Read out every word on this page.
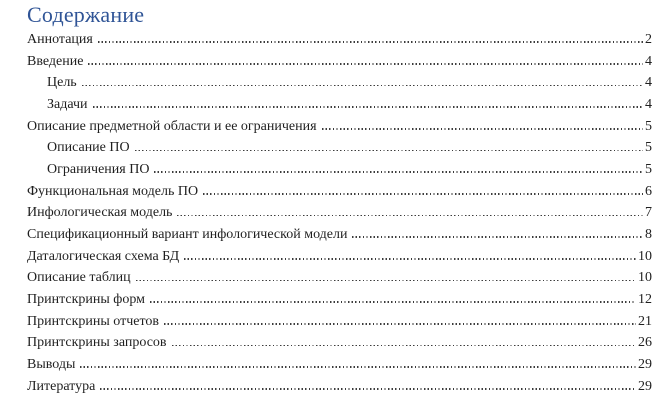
Содержание
Аннотация	2
Введение	4
Цель	4
Задачи	4
Описание предметной области и ее ограничения	5
Описание ПО	5
Ограничения ПО	5
Функциональная модель ПО	6
Инфологическая модель	7
Спецификационный вариант инфологической модели	8
Даталогическая схема БД	10
Описание таблиц	10
Принтскрины форм	12
Принтскрины отчетов	21
Принтскрины запросов	26
Выводы	29
Литература	29
